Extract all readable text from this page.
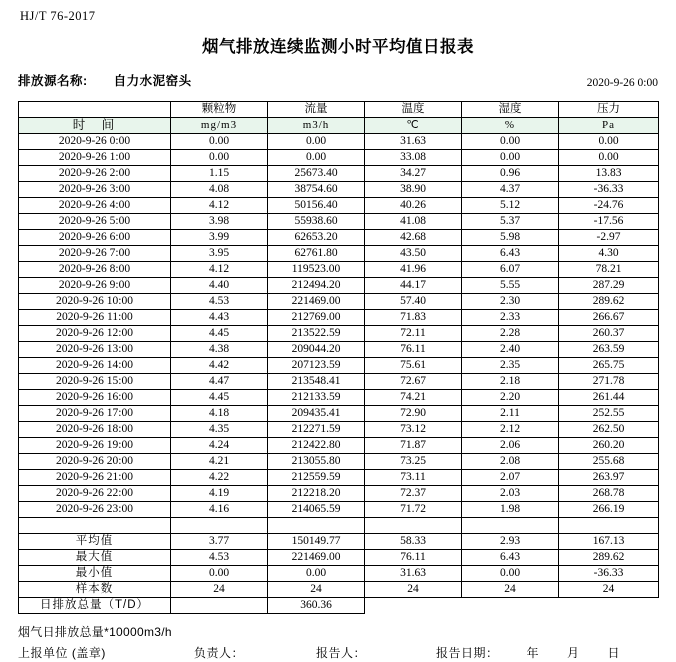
HJ/T 76-2017
烟气排放连续监测小时平均值日报表
排放源名称: 自力水泥窑头	2020-9-26 0:00
	颗粒物	流量	温度	湿度	压力
时　间	mg/m3	m3/h	℃	%	Pa
2020-9-26 0:00	0.00	0.00	31.63	0.00	0.00
2020-9-26 1:00	0.00	0.00	33.08	0.00	0.00
2020-9-26 2:00	1.15	25673.40	34.27	0.96	13.83
2020-9-26 3:00	4.08	38754.60	38.90	4.37	-36.33
2020-9-26 4:00	4.12	50156.40	40.26	5.12	-24.76
2020-9-26 5:00	3.98	55938.60	41.08	5.37	-17.56
2020-9-26 6:00	3.99	62653.20	42.68	5.98	-2.97
2020-9-26 7:00	3.95	62761.80	43.50	6.43	4.30
2020-9-26 8:00	4.12	119523.00	41.96	6.07	78.21
2020-9-26 9:00	4.40	212494.20	44.17	5.55	287.29
2020-9-26 10:00	4.53	221469.00	57.40	2.30	289.62
2020-9-26 11:00	4.43	212769.00	71.83	2.33	266.67
2020-9-26 12:00	4.45	213522.59	72.11	2.28	260.37
2020-9-26 13:00	4.38	209044.20	76.11	2.40	263.59
2020-9-26 14:00	4.42	207123.59	75.61	2.35	265.75
2020-9-26 15:00	4.47	213548.41	72.67	2.18	271.78
2020-9-26 16:00	4.45	212133.59	74.21	2.20	261.44
2020-9-26 17:00	4.18	209435.41	72.90	2.11	252.55
2020-9-26 18:00	4.35	212271.59	73.12	2.12	262.50
2020-9-26 19:00	4.24	212422.80	71.87	2.06	260.20
2020-9-26 20:00	4.21	213055.80	73.25	2.08	255.68
2020-9-26 21:00	4.22	212559.59	73.11	2.07	263.97
2020-9-26 22:00	4.19	212218.20	72.37	2.03	268.78
2020-9-26 23:00	4.16	214065.59	71.72	1.98	266.19

平均值	3.77	150149.77	58.33	2.93	167.13
最大值	4.53	221469.00	76.11	6.43	289.62
最小值	0.00	0.00	31.63	0.00	-36.33
样本数	24	24	24	24	24
日排放总量（T/D）		360.36			
烟气日排放总量*10000m3/h
上报单位 (盖章)	负责人：	报告人：	报告日期： 年 月 日
